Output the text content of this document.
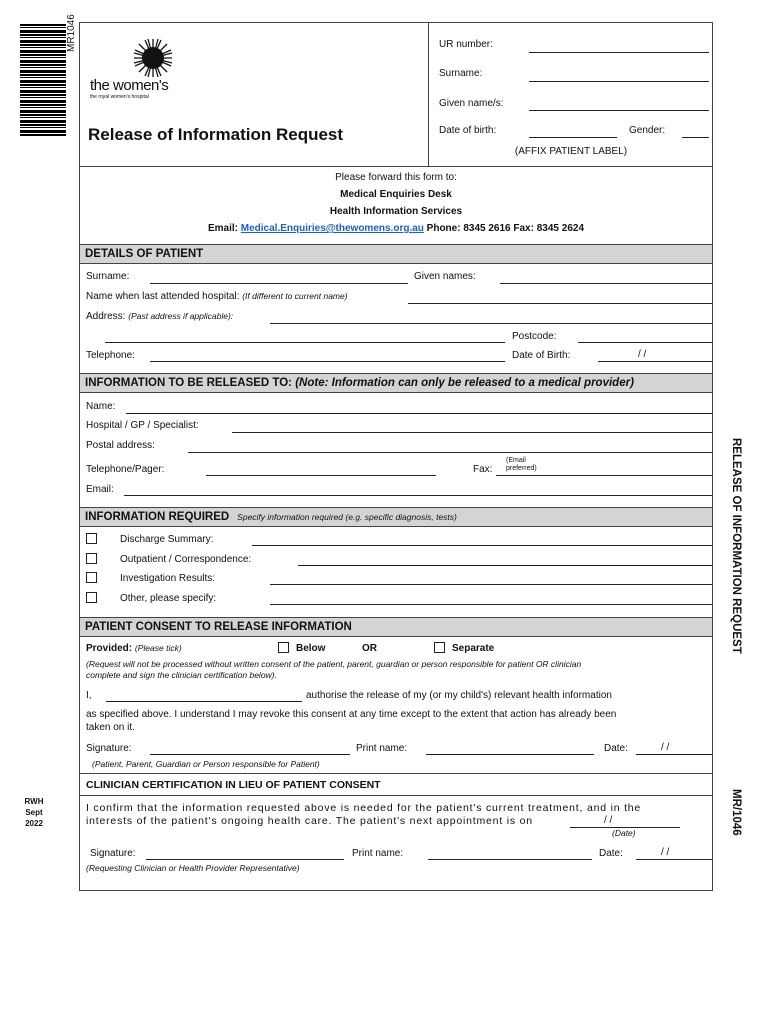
MR1046
RWH
Sept
2022
RELEASE OF INFORMATION REQUEST
MR/1046
the women's
the royal women's hospital
Release of Information Request
UR number:
Surname:
Given name/s:
Date of birth:	Gender:
(AFFIX PATIENT LABEL)
Please forward this form to:
Medical Enquiries Desk
Health Information Services
Email: Medical.Enquiries@thewomens.org.au Phone: 8345 2616 Fax: 8345 2624
DETAILS OF PATIENT
Surname:	Given names:
Name when last attended hospital: (If different to current name)
Address: (Past address if applicable):
Postcode:
Telephone:	Date of Birth:	/ /
INFORMATION TO BE RELEASED TO: (Note: Information can only be released to a medical provider)
Name:
Hospital / GP / Specialist:
Postal address:
Telephone/Pager:	Fax:
(Email
preferred)
Email:
INFORMATION REQUIRED Specify information required (e.g. specific diagnosis, tests)
Discharge Summary:
Outpatient / Correspondence:
Investigation Results:
Other, please specify:
PATIENT CONSENT TO RELEASE INFORMATION
Provided: (Please tick)	Below	OR	Separate
(Request will not be processed without written consent of the patient, parent, guardian or person responsible for patient OR clinician
complete and sign the clinician certification below).
I,	authorise the release of my (or my child's) relevant health information
as specified above. I understand I may revoke this consent at any time except to the extent that action has already been
taken on it.
Signature:	Print name:	Date:	/ /
(Patient, Parent, Guardian or Person responsible for Patient)
CLINICIAN CERTIFICATION IN LIEU OF PATIENT CONSENT
I confirm that the information requested above is needed for the patient's current treatment, and in the
interests of the patient's ongoing health care. The patient's next appointment is on	/ /
(Date)
Signature:	Print name:	Date:	/ /
(Requesting Clinician or Health Provider Representative)
